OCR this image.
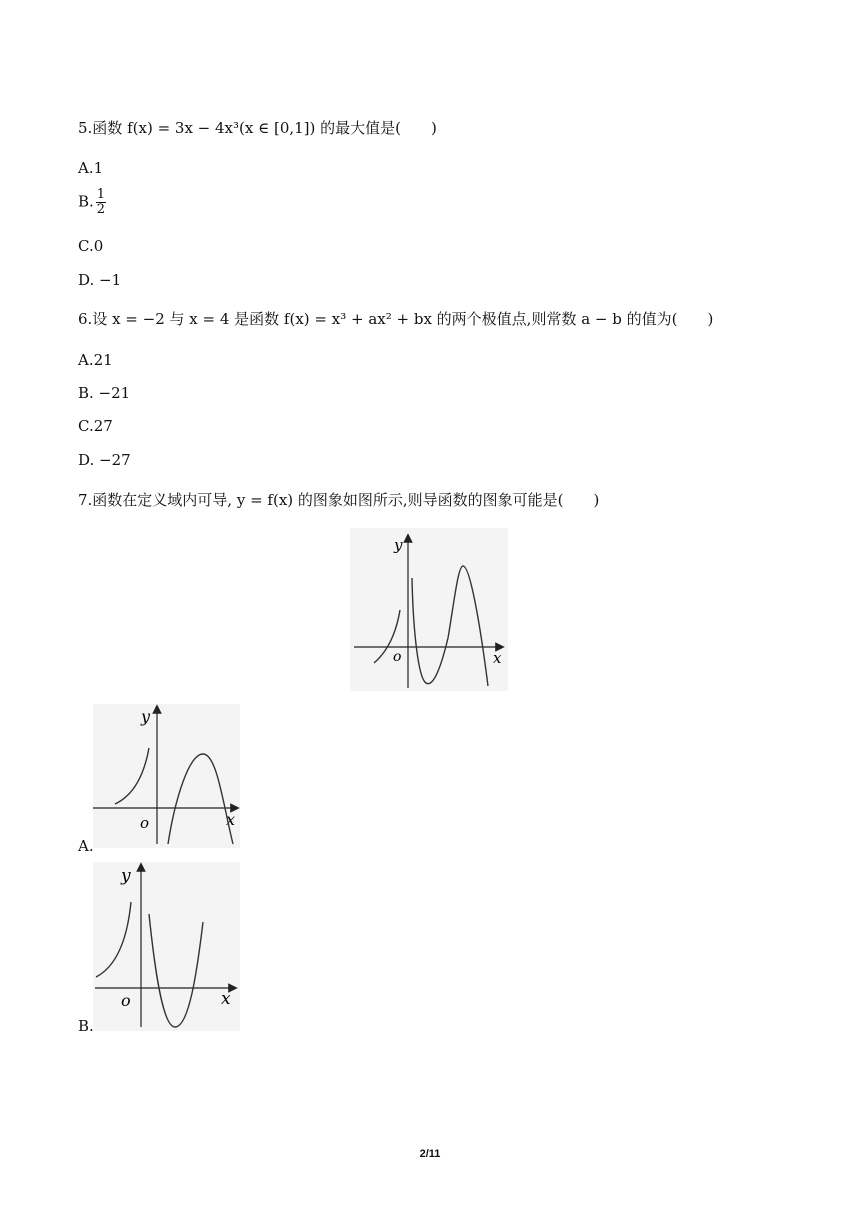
5.函数 f(x) = 3x − 4x³(x ∈ [0,1]) 的最大值是(　　)
A.1
B. $\frac{1}{2}$
C.0
D. −1
6.设 x = −2 与 x = 4 是函数 f(x) = x³ + ax² + bx 的两个极值点,则常数 a − b 的值为(　　)
A.21
B. −21
C.27
D. −27
7.函数在定义域内可导, y = f(x) 的图象如图所示,则导函数的图象可能是(　　)
y
x
o
y
x
o
A.
y
x
o
B.
2/11
